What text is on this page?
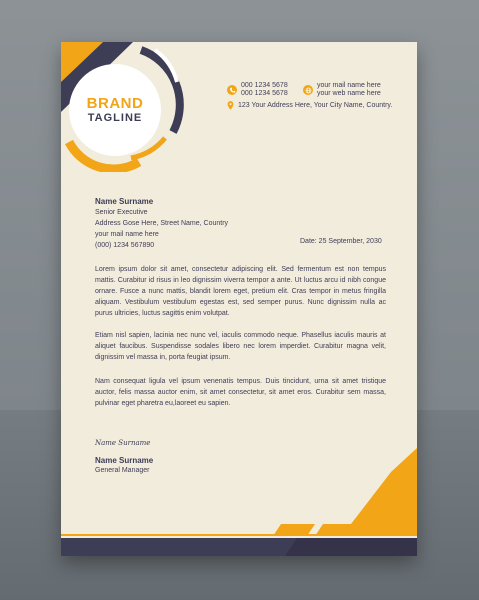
BRAND
TAGLINE
000 1234 5678
000 1234 5678
your mail name here
your web name here
123 Your Address Here, Your City Name, Country.
Name Surname
Senior Executive
Address Gose Here, Street Name, Country
your mail name here
(000) 1234 567890
Date: 25 September, 2030
Lorem ipsum dolor sit amet, consectetur adipiscing elit. Sed fermentum est non tempus mattis. Curabitur id risus in leo dignissim viverra tempor a ante. Ut luctus arcu id nibh congue ornare. Fusce a nunc mattis, blandit lorem eget, pretium elit. Cras tempor in metus fringilla aliquam. Vestibulum vestibulum egestas est, sed semper purus. Nunc dignissim nulla ac purus ultricies, luctus sagittis enim volutpat.
Etiam nisl sapien, lacinia nec nunc vel, iaculis commodo neque. Phasellus iaculis mauris at aliquet faucibus. Suspendisse sodales libero nec lorem imperdiet. Curabitur magna velit, dignissim vel massa in, porta feugiat ipsum.
Nam consequat ligula vel ipsum venenatis tempus. Duis tincidunt, urna sit amet tristique auctor, felis massa auctor enim, sit amet consectetur, sit amet eros. Curabitur sem massa, pulvinar eget pharetra eu,laoreet eu sapien.
Name Surname
Name Surname
General Manager
